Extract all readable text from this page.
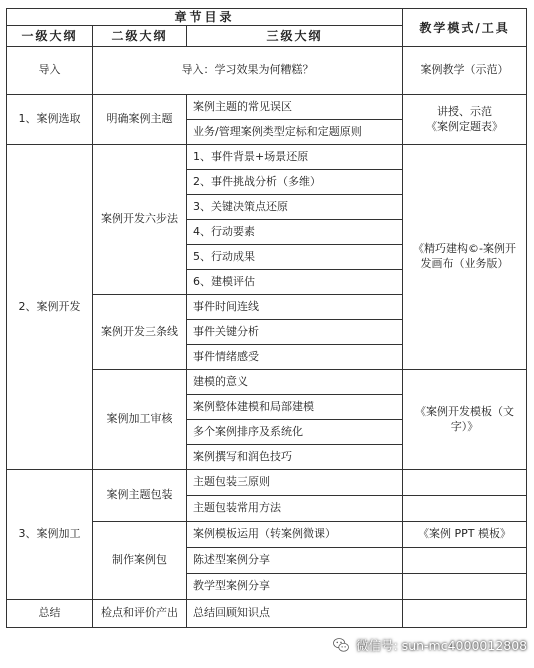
章节目录			教学模式/工具
一级大纲	二级大纲	三级大纲	
导入	导入：学习效果为何糟糕？		案例教学（示范）
1、案例选取	明确案例主题	案例主题的常见误区	讲授、示范
《案例定题表》
		业务/管理案例类型定标和定题原则	
2、案例开发	案例开发六步法	1、事件背景+场景还原	《精巧建构©-案例开发画布（业务版）
		2、事件挑战分析（多维）	
		3、关键决策点还原	
		4、行动要素	
		5、行动成果	
		6、建模评估	
	案例开发三条线	事件时间连线	
		事件关键分析	
		事件情绪感受	
	案例加工审核	建模的意义	《案例开发模板（文字）》
		案例整体建模和局部建模	
		多个案例排序及系统化	
		案例撰写和润色技巧	
3、案例加工	案例主题包装	主题包装三原则	
		主题包装常用方法	
	制作案例包	案例模板运用（转案例微课）	《案例 PPT 模板》
		陈述型案例分享	
		教学型案例分享	
总结	检点和评价产出	总结回顾知识点	
微信号: sun-mc4000012808
